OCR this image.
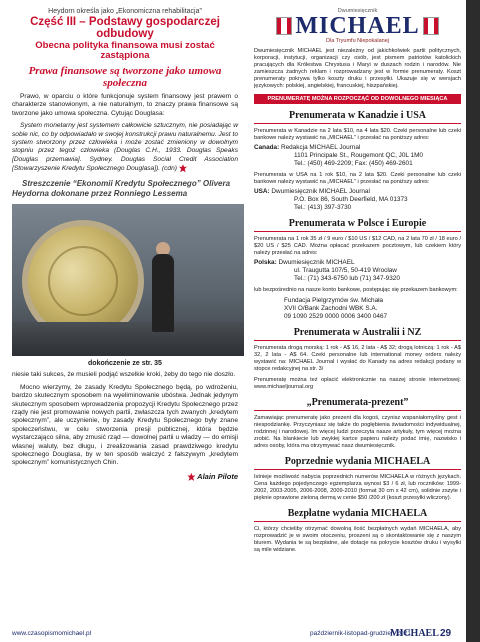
Heydorn określa jako „Ekonomiczna rehabilitacja”
Część III – Podstawy gospodarczej odbudowy
Obecna polityka finansowa musi zostać zastąpiona
Prawa finansowe są tworzone jako umowa społeczna

Prawo, w oparciu o które funkcjonuje system finansowy jest prawem o charakterze stanowionym, a nie naturalnym, to znaczy prawa finansowe są tworzone jako umowa społeczna. Cytując Douglasa:

System monetarny jest systemem całkowicie sztucznym, nie posiadając w sobie nic, co by odpowiadało w swojej konstrukcji prawu naturalnemu. Jest to system stworzony przez człowieka i może zostać zmieniony w dowolnym stopniu przez tegoż człowieka (Douglas C.H., 1933. Douglas Speaks [Douglas przemawia]. Sydney. Douglas Social Credit Association [Stowarzyszenie Kredytu Społecznego Douglasa]). (cdn)

Streszczenie “Ekonomii Kredytu Społecznego” Olivera Heydorna dokonane przez Ronniego Lessema

dokończenie ze str. 35

niesie taki sukces, że musieli podjąć wszelkie kroki, żeby do tego nie doszło.

Mocno wierzymy, że zasady Kredytu Społecznego będą, po wdrożeniu, bardzo skutecznym sposobem na wyeliminowanie ubóstwa. Jednak jedynym skutecznym sposobem wprowadzenia propozycji Kredytu Społecznego przez rządy nie jest promowanie nowych partii, zwłaszcza tych zwanych „kredytem społecznym”, ale uczynienie, by zasady Kredytu Społecznego były znane społeczeństwu, w celu stworzenia presji publicznej, która będzie wystarczająco silna, aby zmusić rząd — dowolnej partii u władzy — do emisji własnej waluty, bez długu, i zrealizowania zasad prawdziwego kredytu społecznego Douglasa, by w ten sposób walczyć z fałszywym „kredytem społecznym” komunistycznych Chin.

Alain Pilote
Dwumiesięcznik
MICHAEL
Dla Tryumfu Niepokalanej

Dwumiesięcznik MICHAEL jest niezależny od jakichkolwiek partii politycznych, korporacji, instytucji, organizacji czy osób, jest pismem patriotów katolickich pracujących dla Królestwa Chrystusa i Maryi w duszach rodzin i narodów. Nie zamieszcza żadnych reklam i rozprowadzany jest w formie prenumeraty. Koszt prenumeraty pokrywa tylko koszty druku i przesyłki. Ukazuje się w wersjach językowych: polskiej, angielskiej, francuskiej, hiszpańskiej.

PRENUMERATĘ MOŻNA ROZPOCZĄĆ OD DOWOLNEGO MIESIĄCA
Prenumerata w Kanadzie i USA

Prenumerata w Kanadzie na 2 lata $10, na 4 lata $20. Czeki personalne lub czeki bankowe należy wystawić na „MICHAEL” i przesłać na poniższy adres:

Canada: Redakcja MICHAEL Journal
1101 Principale St., Rougemont QC, J0L 1M0
Tel.: (450) 469-2209; Fax: (450) 469-2601

Prenumerata w USA na 1 rok $10, na 2 lata $20. Czeki personalne lub czeki bankowe należy wystawić na „MICHAEL” i przesłać na poniższy adres:

USA: Dwumiesięcznik MICHAEL Journal
P.O. Box 86, South Deerfield, MA 01373
Tel.: (413) 397-3730
Prenumerata w Polsce i Europie

Prenumerata na 1 rok 35 zł / 9 euro / $10 US / $12 CAD, na 2 lata 70 zł / 18 euro / $20 US / $25 CAD. Można opłacać przekazem pocztowym, lub czekiem który należy przesłać na adres:

Polska: Dwumiesięcznik MICHAEL
ul. Traugutta 107/5, 50-419 Wrocław
Tel.: (71) 343-6750 lub (71) 347-9320

lub bezpośrednio na nasze konto bankowe, postępując się przekazem bankowym:

Fundacja Pielgrzymów św. Michała
XVII O/Bank Zachodni WBK S.A.
09 1090 2529 0000 0006 3400 0467
Prenumerata w Australii i NZ

Prenumerata drogą morską: 1 rok - A$ 16, 2 lata - A$ 32; drogą lotniczą: 1 rok - A$ 32, 2 lata - A$ 64. Czeki personalne lub international money orders należy wystawić na: MICHAEL Journal i wysłać do Kanady na adres redakcji podany w stopce redakcyjnej na str. 3/

Prenumeratę można też opłacić elektronicznie na naszej stronie internetowej: www.michaeljournal.org

„Prenumerata-prezent”

Zamawiając prenumeratę jako prezent dla kogoś, czynisz wspaniałomyślny gest i niespodziankę. Przyczyniasz się także do pogłębienia świadomości indywidualnej, rodzinnej i narodowej. Im więcej ludzi przeczyta nasze artykuły, tym więcej można zrobić. Na blankiecie lub zwykłej kartce papieru należy podać imię, nazwisko i adres osoby, która ma otrzymywać nasz dwumiesięcznik.

Poprzednie wydania MICHAELA

Istnieje możliwość nabycia poprzednich numerów MICHAELA w różnych językach. Cena każdego pojedynczego egzemplarza wynosi $3 / 6 zł, lub roczników: 1999-2002, 2003-2005, 2006-2008, 2009-2010 (format 30 cm x 42 cm), solidnie zszyte i pięknie oprawione zieloną dermą w cenie $50 /200 zł (koszt przesyłki wliczony).

Bezpłatne wydania MICHAELA

Ci, którzy chcieliby otrzymać dowolną ilość bezpłatnych wydań MICHAELA, aby rozprowadzić je w swoim otoczeniu, proszeni są o skontaktowanie się z naszym biurem. Wydania te są bezpłatne, ale dotacje na pokrycie kosztów druku i wysyłki są mile widziane.

www.czasopismomichael.pl	październik-listopad-grudzień 2021
MICHAEL 29
